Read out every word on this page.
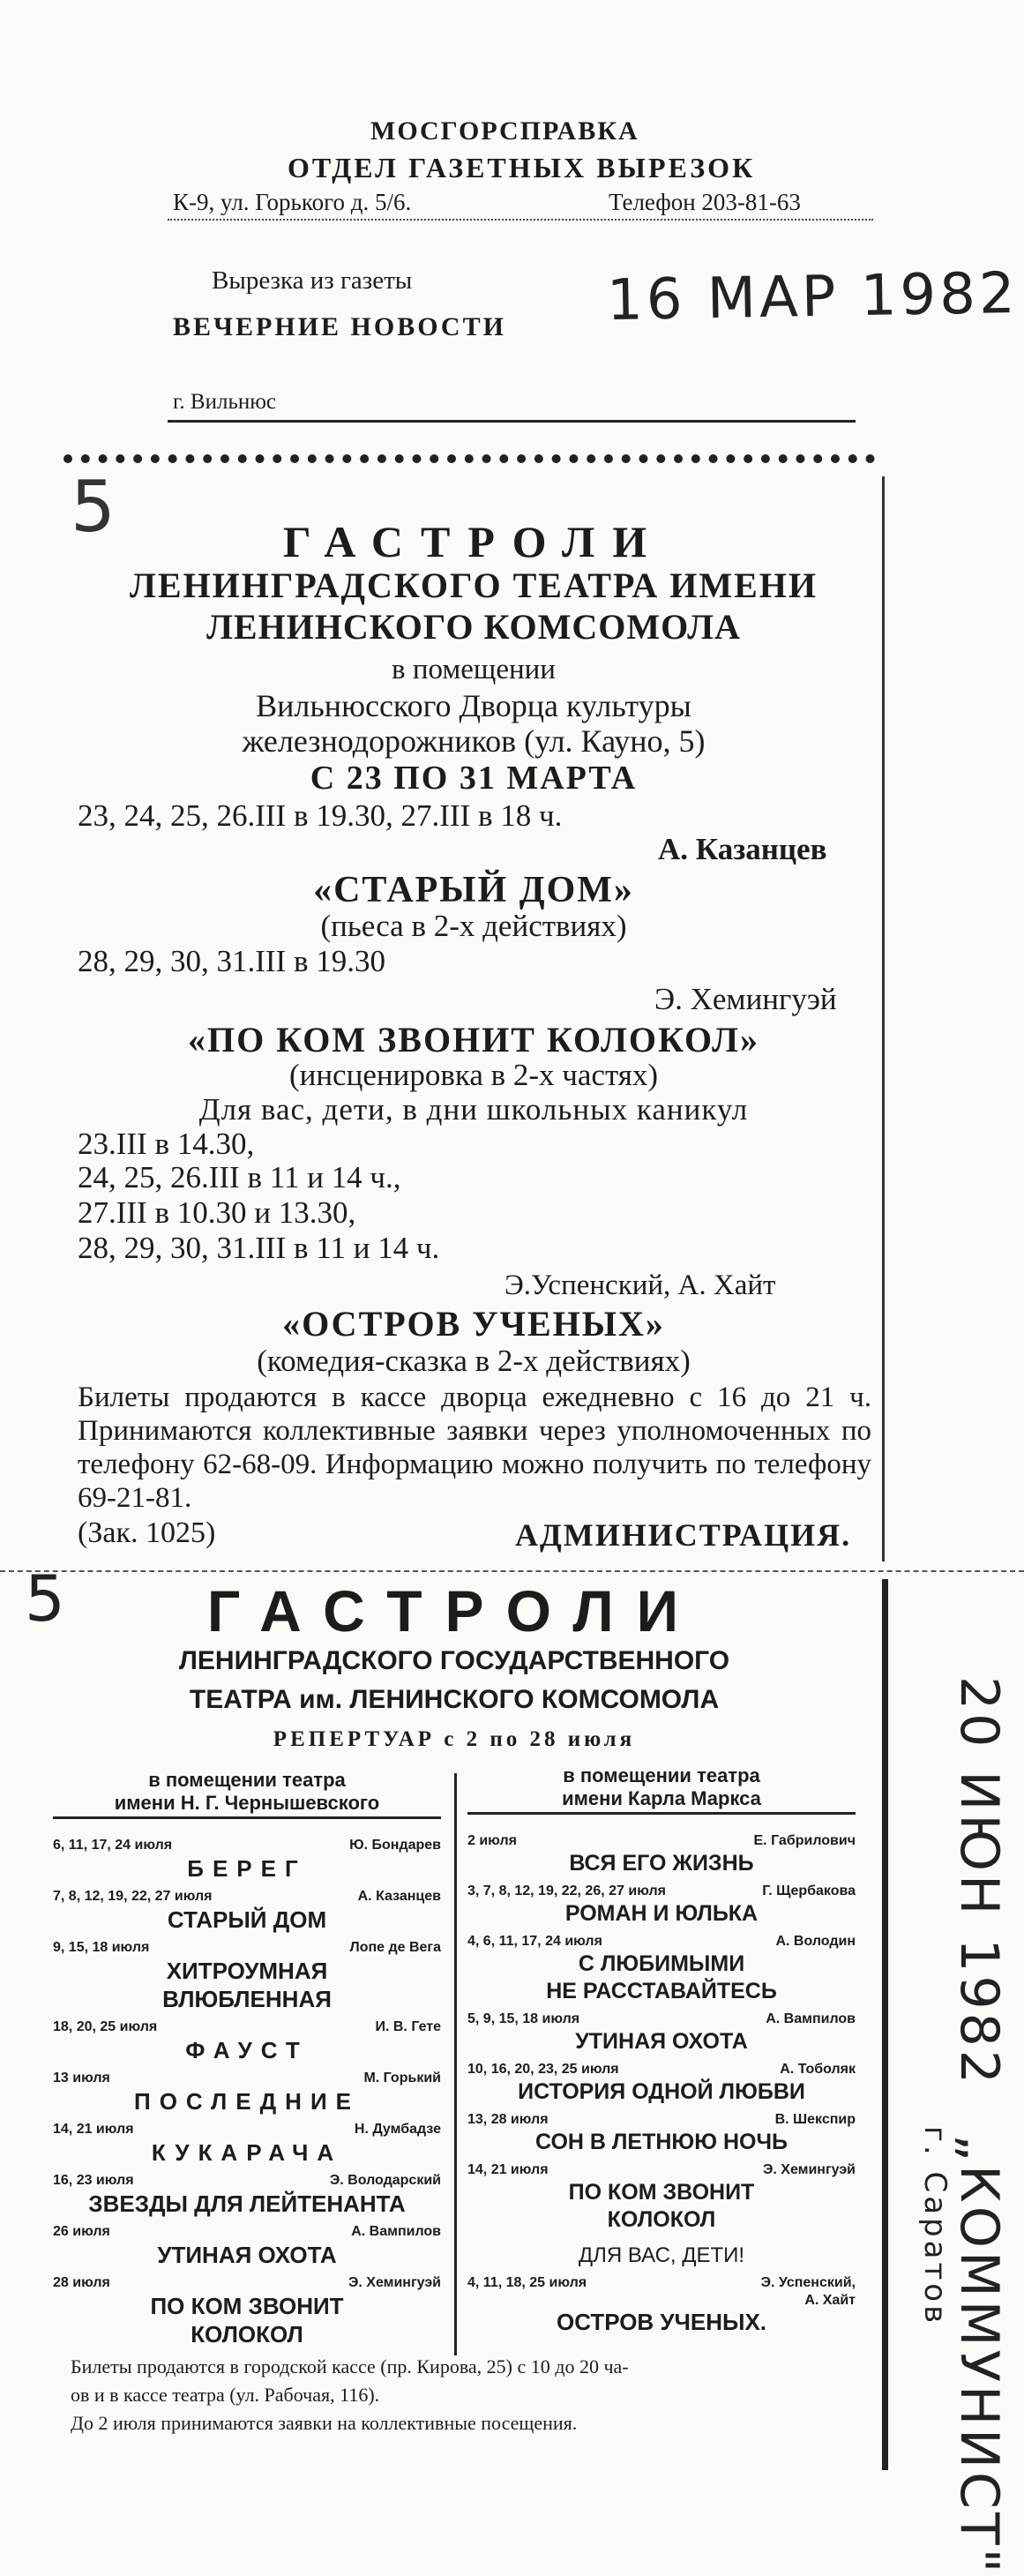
МОСГОРСПРАВКА
ОТДЕЛ ГАЗЕТНЫХ ВЫРЕЗОК
К-9, ул. Горького д. 5/6.	Телефон 203-81-63
Вырезка из газеты
ВЕЧЕРНИЕ НОВОСТИ 16 МАР 1982
г. Вильнюс
5	ГАСТРОЛИ
ЛЕНИНГРАДСКОГО ТЕАТРА ИМЕНИ
ЛЕНИНСКОГО КОМСОМОЛА
в помещении
Вильнюсского Дворца культуры
железнодорожников (ул. Кауно, 5)
С 23 ПО 31 МАРТА
23, 24, 25, 26.III в 19.30, 27.III в 18 ч.
А. Казанцев
«СТАРЫЙ ДОМ»
(пьеса в 2-х действиях)
28, 29, 30, 31.III в 19.30
Э. Хемингуэй
«ПО КОМ ЗВОНИТ КОЛОКОЛ»
(инсценировка в 2-х частях)
Для вас, дети, в дни школьных каникул
23.III в 14.30,
24, 25, 26.III в 11 и 14 ч.,
27.III в 10.30 и 13.30,
28, 29, 30, 31.III в 11 и 14 ч.
Э.Успенский, А. Хайт
«ОСТРОВ УЧЕНЫХ»
(комедия-сказка в 2-х действиях)
Билеты продаются в кассе дворца ежедневно с 16 до 21 ч. Принимаются коллективные заявки через уполномоченных по телефону 62-68-09. Информацию можно получить по телефону 69-21-81.
(Зак. 1025)	АДМИНИСТРАЦИЯ.
5	ГАСТРОЛИ
ЛЕНИНГРАДСКОГО ГОСУДАРСТВЕННОГО
ТЕАТРА им. ЛЕНИНСКОГО КОМСОМОЛА
РЕПЕРТУАР с 2 по 28 июля
в помещении театра
имени Н. Г. Чернышевского
6, 11, 17, 24 июля	Ю. Бондарев
БЕРЕГ
7, 8, 12, 19, 22, 27 июля	А. Казанцев
СТАРЫЙ ДОМ
9, 15, 18 июля	Лопе де Вега
ХИТРОУМНАЯ
ВЛЮБЛЕННАЯ
18, 20, 25 июля	И. В. Гете
ФАУСТ
13 июля	М. Горький
ПОСЛЕДНИЕ
14, 21 июля	Н. Думбадзе
КУКАРАЧА
16, 23 июля	Э. Володарский
ЗВЕЗДЫ ДЛЯ ЛЕЙТЕНАНТА
26 июля	А. Вампилов
УТИНАЯ ОХОТА
28 июля	Э. Хемингуэй
ПО КОМ ЗВОНИТ
КОЛОКОЛ
в помещении театра
имени Карла Маркса
2 июля	Е. Габрилович
ВСЯ ЕГО ЖИЗНЬ
3, 7, 8, 12, 19, 22, 26, 27 июля	Г. Щербакова
РОМАН И ЮЛЬКА
4, 6, 11, 17, 24 июля	А. Володин
С ЛЮБИМЫМИ
НЕ РАССТАВАЙТЕСЬ
5, 9, 15, 18 июля	А. Вампилов
УТИНАЯ ОХОТА
10, 16, 20, 23, 25 июля	А. Тоболяк
ИСТОРИЯ ОДНОЙ ЛЮБВИ
13, 28 июля	В. Шекспир
СОН В ЛЕТНЮЮ НОЧЬ
14, 21 июля	Э. Хемингуэй
ПО КОМ ЗВОНИТ
КОЛОКОЛ
ДЛЯ ВАС, ДЕТИ!
4, 11, 18, 25 июля	Э. Успенский,
А. Хайт
ОСТРОВ УЧЕНЫХ.
Билеты продаются в городской кассе (пр. Кирова, 25) с 10 до 20 ча-
ов и в кассе театра (ул. Рабочая, 116).
До 2 июля принимаются заявки на коллективные посещения.
20 ИЮН 1982 „КОММУНИСТ"
г. Саратов
